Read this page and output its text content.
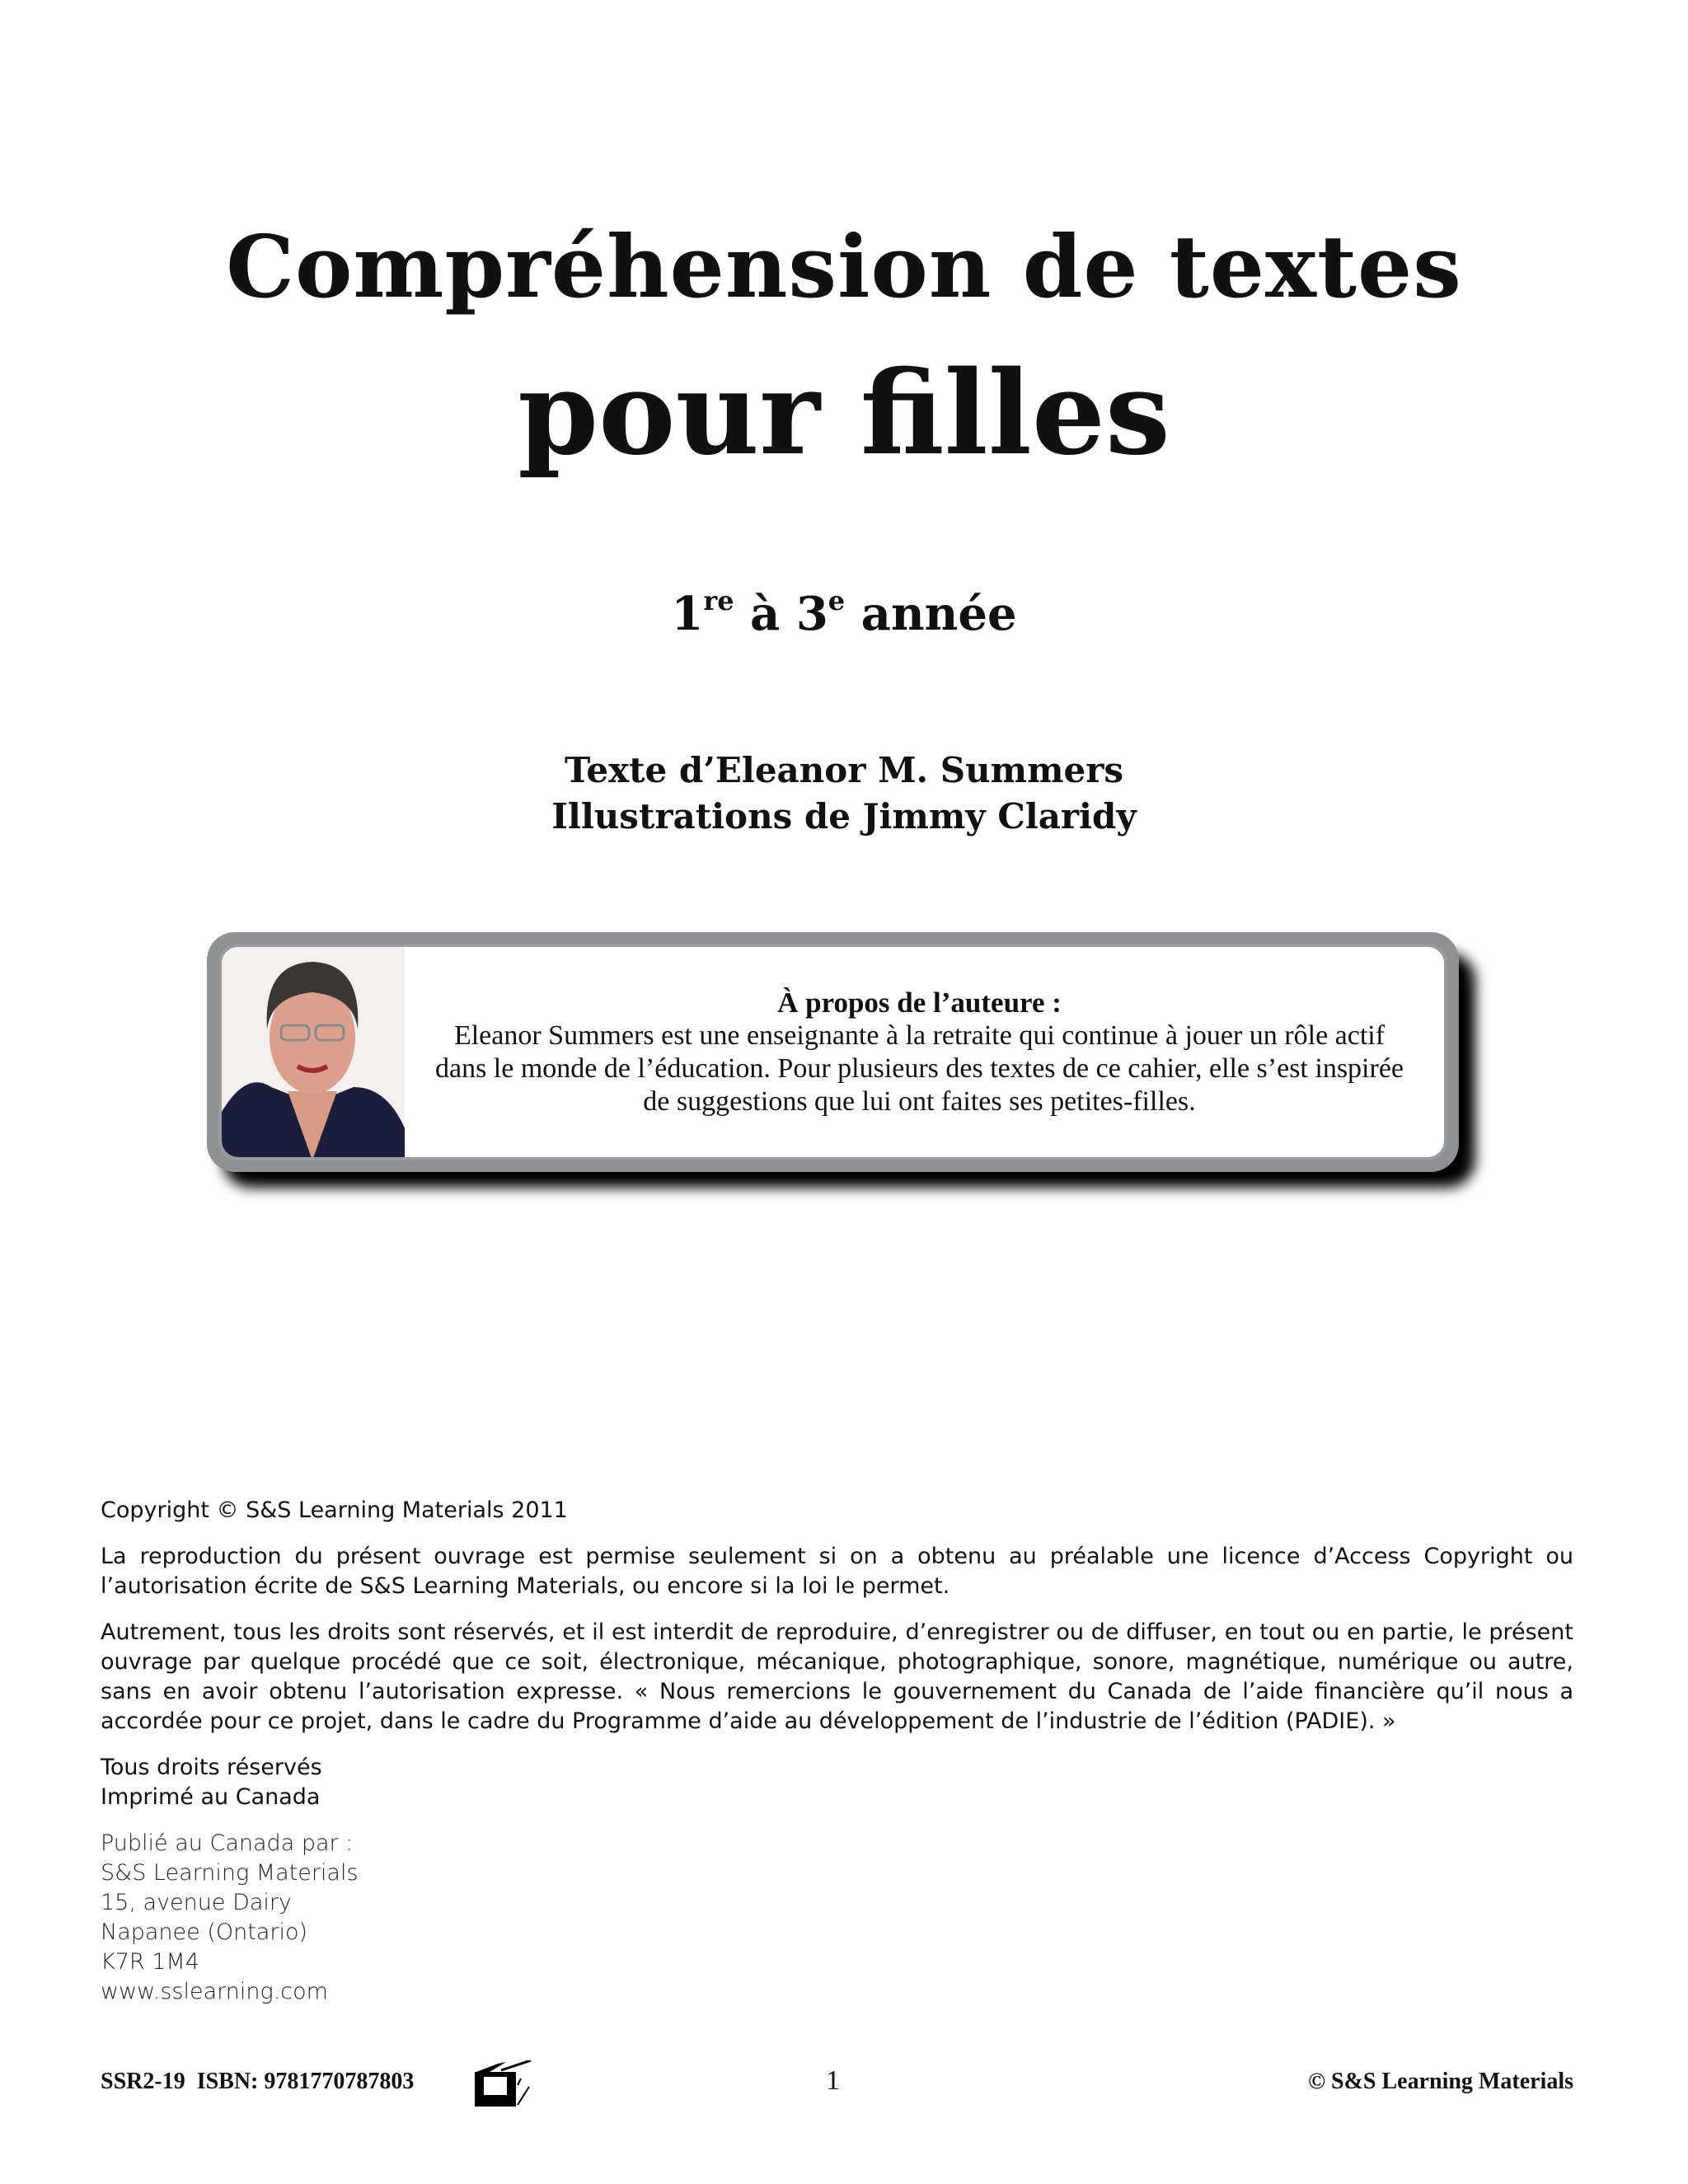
Compréhension de textes
pour filles
1re à 3e année
Texte d’Eleanor M. Summers
Illustrations de Jimmy Claridy
À propos de l’auteure :
Eleanor Summers est une enseignante à la retraite qui continue à jouer un rôle actif dans le monde de l’éducation. Pour plusieurs des textes de ce cahier, elle s’est inspirée de suggestions que lui ont faites ses petites-filles.

Copyright © S&S Learning Materials 2011

La reproduction du présent ouvrage est permise seulement si on a obtenu au préalable une licence d’Access Copyright ou l’autorisation écrite de S&S Learning Materials, ou encore si la loi le permet.

Autrement, tous les droits sont réservés, et il est interdit de reproduire, d’enregistrer ou de diffuser, en tout ou en partie, le présent ouvrage par quelque procédé que ce soit, électronique, mécanique, photographique, sonore, magnétique, numérique ou autre, sans en avoir obtenu l’autorisation expresse. « Nous remercions le gouvernement du Canada de l’aide financière qu’il nous a accordée pour ce projet, dans le cadre du Programme d’aide au développement de l’industrie de l’édition (PADIE). »

Tous droits réservés
Imprimé au Canada
Publié au Canada par :
S&S Learning Materials
15, avenue Dairy
Napanee (Ontario)
K7R 1M4
www.sslearning.com
SSR2-19  ISBN: 9781770787803	1	© S&S Learning Materials
